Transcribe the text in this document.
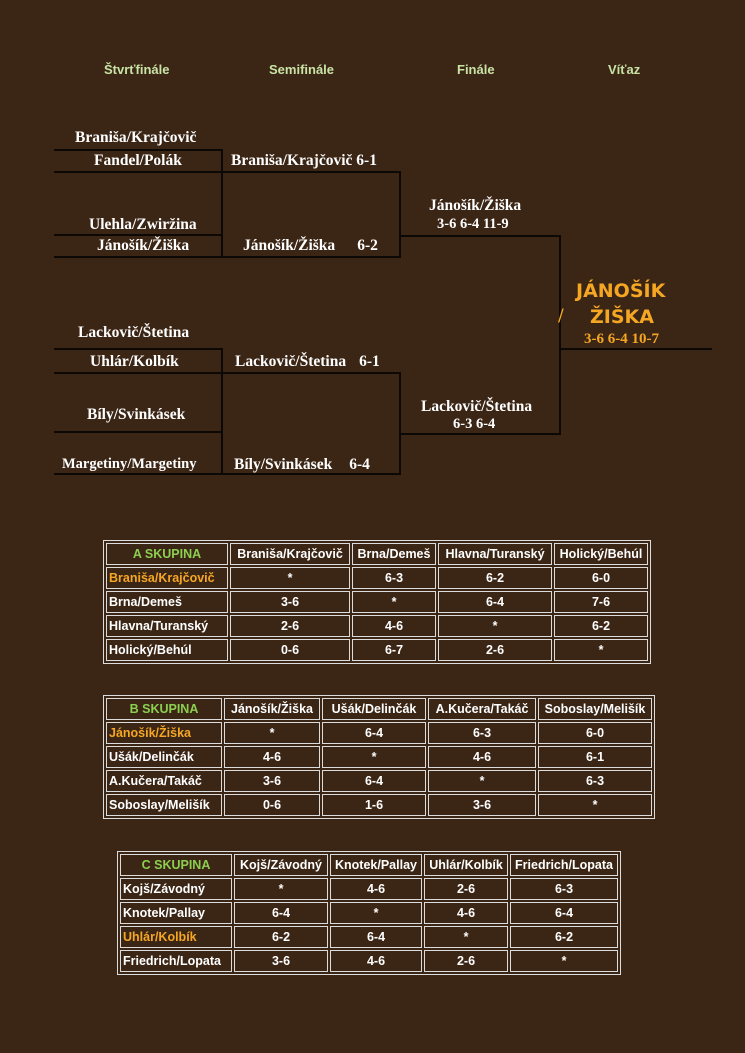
Štvrťfinále	Semifinále	Finále	Víťaz
Braniša/Krajčovič
Fandel/Polák
Ulehla/Zwiržina
Jánošík/Žiška
Lackovič/Štetina
Uhlár/Kolbík
Bíly/Svinkásek
Margetiny/Margetiny
Braniša/Krajčovič 6-1
Jánošík/Žiška 6-2
Lackovič/Štetina 6-1
Bíly/Svinkásek 6-4
Jánošík/Žiška
3-6 6-4 11-9
Lackovič/Štetina
6-3 6-4
JÁNOŠÍK
/ ŽIŠKA
3-6 6-4 10-7
A SKUPINA	Braniša/Krajčovič	Brna/Demeš	Hlavna/Turanský	Holický/Behúl
Braniša/Krajčovič	*	6-3	6-2	6-0
Brna/Demeš	3-6	*	6-4	7-6
Hlavna/Turanský	2-6	4-6	*	6-2
Holický/Behúl	0-6	6-7	2-6	*
B SKUPINA	Jánošík/Žiška	Ušák/Delinčák	A.Kučera/Takáč	Soboslay/Melišík
Jánošík/Žiška	*	6-4	6-3	6-0
Ušák/Delinčák	4-6	*	4-6	6-1
A.Kučera/Takáč	3-6	6-4	*	6-3
Soboslay/Melišík	0-6	1-6	3-6	*
C SKUPINA	Kojš/Závodný	Knotek/Pallay	Uhlár/Kolbík	Friedrich/Lopata
Kojš/Závodný	*	4-6	2-6	6-3
Knotek/Pallay	6-4	*	4-6	6-4
Uhlár/Kolbík	6-2	6-4	*	6-2
Friedrich/Lopata	3-6	4-6	2-6	*
